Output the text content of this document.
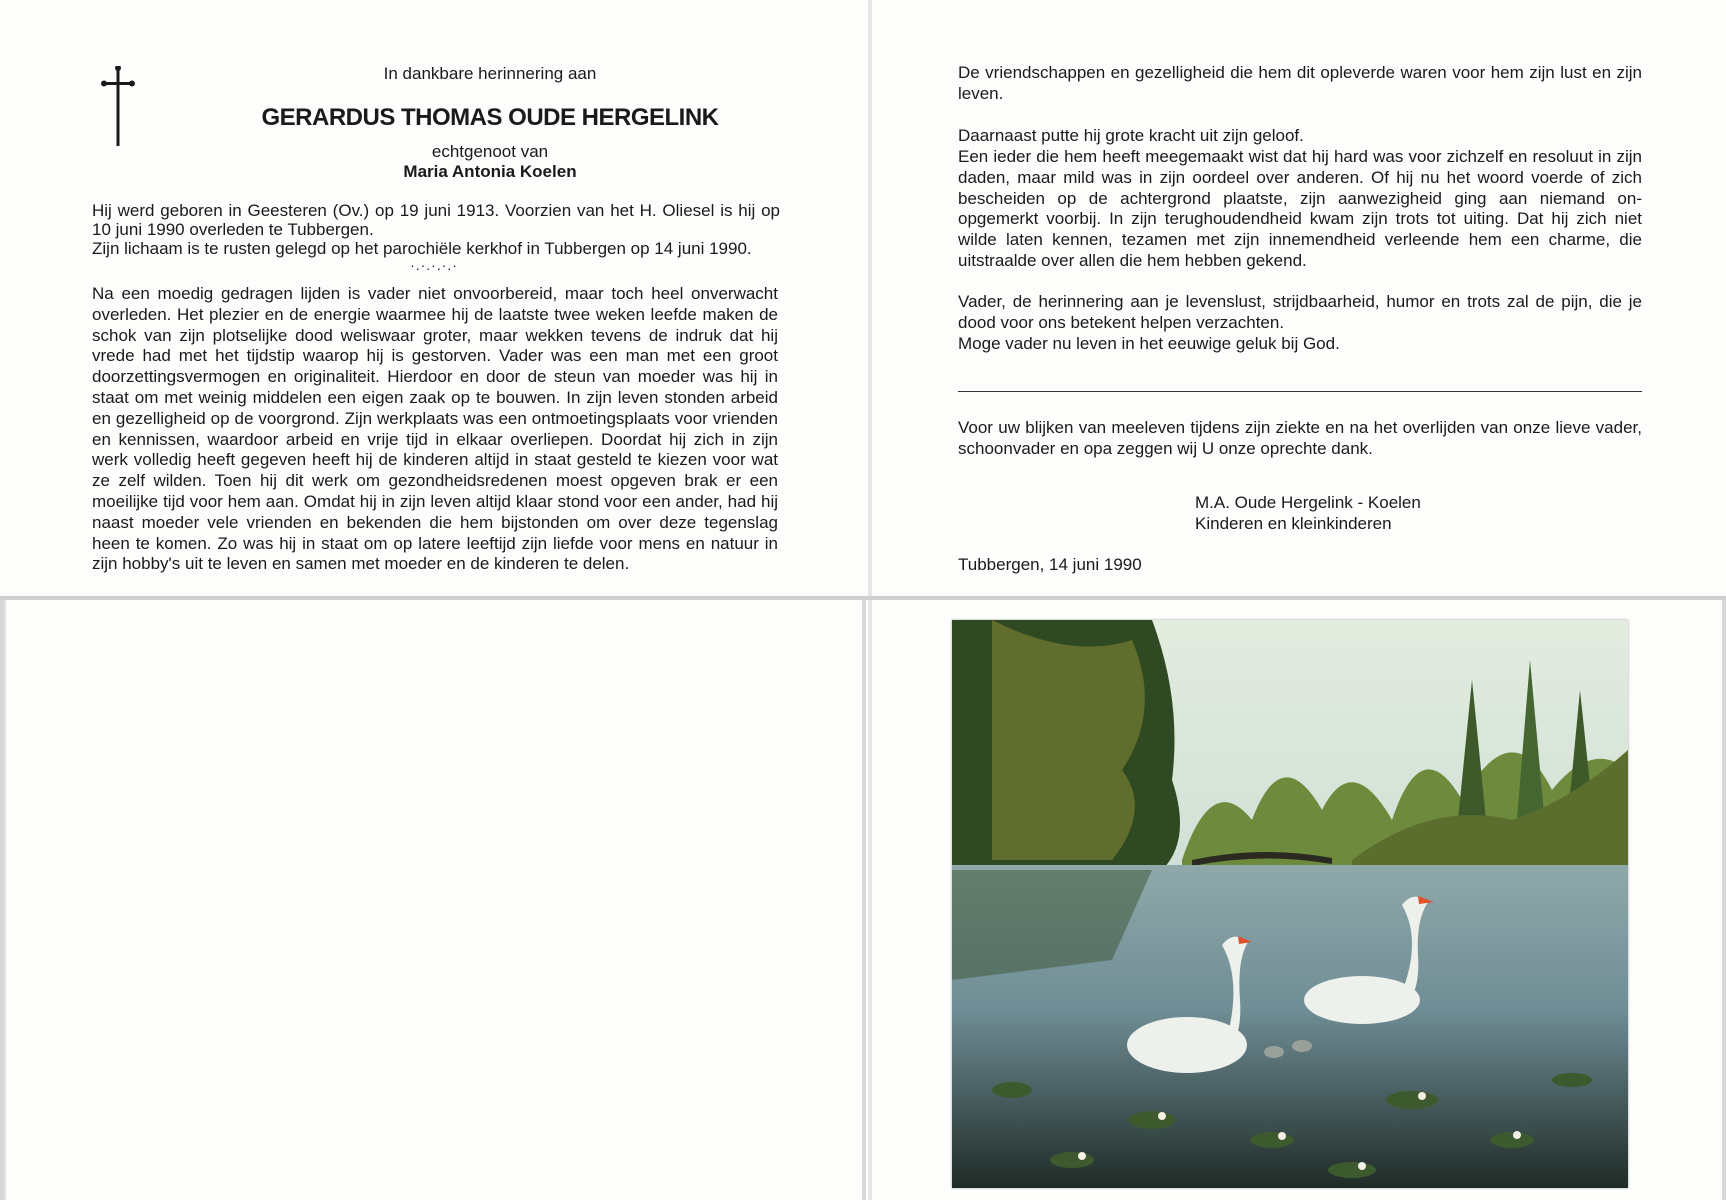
In dankbare herinnering aan
GERARDUS THOMAS OUDE HERGELINK
echtgenoot van
Maria Antonia Koelen

Hij werd geboren in Geesteren (Ov.) op 19 juni 1913. Voorzien van het H. Oliesel is hij op 10 juni 1990 overleden te Tubbergen.

Zijn lichaam is te rusten gelegd op het parochiële kerkhof in Tubbergen op 14 juni 1990.

·.·.·.·.·

Na een moedig gedragen lijden is vader niet onvoorbereid, maar toch heel onverwacht overleden. Het plezier en de energie waarmee hij de laatste twee weken leefde maken de schok van zijn plotselijke dood weliswaar groter, maar wekken tevens de indruk dat hij vrede had met het tijdstip waarop hij is gestorven. Vader was een man met een groot doorzettingsvermogen en originaliteit. Hierdoor en door de steun van moeder was hij in staat om met weinig middelen een eigen zaak op te bouwen. In zijn leven stonden arbeid en gezelligheid op de voorgrond. Zijn werkplaats was een ontmoetingsplaats voor vrienden en kennissen, waardoor arbeid en vrije tijd in elkaar overliepen. Doordat hij zich in zijn werk volledig heeft gegeven heeft hij de kinderen altijd in staat gesteld te kiezen voor wat ze zelf wilden. Toen hij dit werk om gezondheidsredenen moest opgeven brak er een moeilijke tijd voor hem aan. Omdat hij in zijn leven altijd klaar stond voor een ander, had hij naast moeder vele vrienden en bekenden die hem bijstonden om over deze tegenslag heen te komen. Zo was hij in staat om op latere leeftijd zijn liefde voor mens en natuur in zijn hobby's uit te leven en samen met moeder en de kinderen te delen.

De vriendschappen en gezelligheid die hem dit opleverde waren voor hem zijn lust en zijn leven.

Daarnaast putte hij grote kracht uit zijn geloof.

Een ieder die hem heeft meegemaakt wist dat hij hard was voor zichzelf en resoluut in zijn daden, maar mild was in zijn oordeel over anderen. Of hij nu het woord voerde of zich bescheiden op de achtergrond plaatste, zijn aanwezigheid ging aan niemand on-opgemerkt voorbij. In zijn terughoudendheid kwam zijn trots tot uiting. Dat hij zich niet wilde laten kennen, tezamen met zijn innemendheid verleende hem een charme, die uitstraalde over allen die hem hebben gekend.

Vader, de herinnering aan je levenslust, strijdbaarheid, humor en trots zal de pijn, die je dood voor ons betekent helpen verzachten.

Moge vader nu leven in het eeuwige geluk bij God.

Voor uw blijken van meeleven tijdens zijn ziekte en na het overlijden van onze lieve vader, schoonvader en opa zeggen wij U onze oprechte dank.

M.A. Oude Hergelink - Koelen
Kinderen en kleinkinderen
Tubbergen, 14 juni 1990
